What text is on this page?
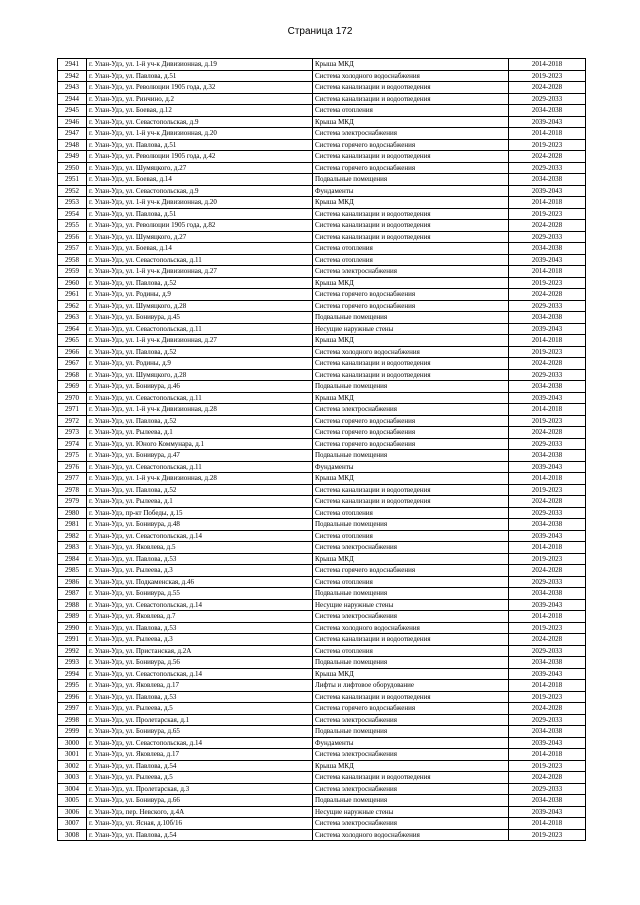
Страница 172
2941	г. Улан-Удэ, ул. 1-й уч-к Дивизионная, д.19	Крыша МКД	2014-2018
2942	г. Улан-Удэ, ул. Павлова, д.51	Система холодного водоснабжения	2019-2023
2943	г. Улан-Удэ, ул. Революции 1905 года, д.32	Система канализации и водоотведения	2024-2028
2944	г. Улан-Удэ, ул. Ринчино, д.2	Система канализации и водоотведения	2029-2033
2945	г. Улан-Удэ, ул. Боевая, д.12	Система отопления	2034-2038
2946	г. Улан-Удэ, ул. Севастопольская, д.9	Крыша МКД	2039-2043
2947	г. Улан-Удэ, ул. 1-й уч-к Дивизионная, д.20	Система электроснабжения	2014-2018
2948	г. Улан-Удэ, ул. Павлова, д.51	Система горячего водоснабжения	2019-2023
2949	г. Улан-Удэ, ул. Революции 1905 года, д.42	Система канализации и водоотведения	2024-2028
2950	г. Улан-Удэ, ул. Шумяцкого, д.27	Система горячего водоснабжения	2029-2033
2951	г. Улан-Удэ, ул. Боевая, д.14	Подвальные помещения	2034-2038
2952	г. Улан-Удэ, ул. Севастопольская, д.9	Фундаменты	2039-2043
2953	г. Улан-Удэ, ул. 1-й уч-к Дивизионная, д.20	Крыша МКД	2014-2018
2954	г. Улан-Удэ, ул. Павлова, д.51	Система канализации и водоотведения	2019-2023
2955	г. Улан-Удэ, ул. Революции 1905 года, д.82	Система канализации и водоотведения	2024-2028
2956	г. Улан-Удэ, ул. Шумяцкого, д.27	Система канализации и водоотведения	2029-2033
2957	г. Улан-Удэ, ул. Боевая, д.14	Система отопления	2034-2038
2958	г. Улан-Удэ, ул. Севастопольская, д.11	Система отопления	2039-2043
2959	г. Улан-Удэ, ул. 1-й уч-к Дивизионная, д.27	Система электроснабжения	2014-2018
2960	г. Улан-Удэ, ул. Павлова, д.52	Крыша МКД	2019-2023
2961	г. Улан-Удэ, ул. Родины, д.9	Система горячего водоснабжения	2024-2028
2962	г. Улан-Удэ, ул. Шумяцкого, д.28	Система горячего водоснабжения	2029-2033
2963	г. Улан-Удэ, ул. Бонивура, д.45	Подвальные помещения	2034-2038
2964	г. Улан-Удэ, ул. Севастопольская, д.11	Несущие наружные стены	2039-2043
2965	г. Улан-Удэ, ул. 1-й уч-к Дивизионная, д.27	Крыша МКД	2014-2018
2966	г. Улан-Удэ, ул. Павлова, д.52	Система холодного водоснабжения	2019-2023
2967	г. Улан-Удэ, ул. Родины, д.9	Система канализации и водоотведения	2024-2028
2968	г. Улан-Удэ, ул. Шумяцкого, д.28	Система канализации и водоотведения	2029-2033
2969	г. Улан-Удэ, ул. Бонивура, д.46	Подвальные помещения	2034-2038
2970	г. Улан-Удэ, ул. Севастопольская, д.11	Крыша МКД	2039-2043
2971	г. Улан-Удэ, ул. 1-й уч-к Дивизионная, д.28	Система электроснабжения	2014-2018
2972	г. Улан-Удэ, ул. Павлова, д.52	Система горячего водоснабжения	2019-2023
2973	г. Улан-Удэ, ул. Рылеева, д.1	Система горячего водоснабжения	2024-2028
2974	г. Улан-Удэ, ул. Юного Коммунара, д.1	Система горячего водоснабжения	2029-2033
2975	г. Улан-Удэ, ул. Бонивура, д.47	Подвальные помещения	2034-2038
2976	г. Улан-Удэ, ул. Севастопольская, д.11	Фундаменты	2039-2043
2977	г. Улан-Удэ, ул. 1-й уч-к Дивизионная, д.28	Крыша МКД	2014-2018
2978	г. Улан-Удэ, ул. Павлова, д.52	Система канализации и водоотведения	2019-2023
2979	г. Улан-Удэ, ул. Рылеева, д.1	Система канализации и водоотведения	2024-2028
2980	г. Улан-Удэ, пр-кт Победы, д.15	Система отопления	2029-2033
2981	г. Улан-Удэ, ул. Бонивура, д.48	Подвальные помещения	2034-2038
2982	г. Улан-Удэ, ул. Севастопольская, д.14	Система отопления	2039-2043
2983	г. Улан-Удэ, ул. Яковлева, д.5	Система электроснабжения	2014-2018
2984	г. Улан-Удэ, ул. Павлова, д.53	Крыша МКД	2019-2023
2985	г. Улан-Удэ, ул. Рылеева, д.3	Система горячего водоснабжения	2024-2028
2986	г. Улан-Удэ, ул. Подкаменская, д.46	Система отопления	2029-2033
2987	г. Улан-Удэ, ул. Бонивура, д.55	Подвальные помещения	2034-2038
2988	г. Улан-Удэ, ул. Севастопольская, д.14	Несущие наружные стены	2039-2043
2989	г. Улан-Удэ, ул. Яковлева, д.7	Система электроснабжения	2014-2018
2990	г. Улан-Удэ, ул. Павлова, д.53	Система холодного водоснабжения	2019-2023
2991	г. Улан-Удэ, ул. Рылеева, д.3	Система канализации и водоотведения	2024-2028
2992	г. Улан-Удэ, ул. Пристанская, д.2А	Система отопления	2029-2033
2993	г. Улан-Удэ, ул. Бонивура, д.56	Подвальные помещения	2034-2038
2994	г. Улан-Удэ, ул. Севастопольская, д.14	Крыша МКД	2039-2043
2995	г. Улан-Удэ, ул. Яковлева, д.17	Лифты и лифтовое оборудование	2014-2018
2996	г. Улан-Удэ, ул. Павлова, д.53	Система канализации и водоотведения	2019-2023
2997	г. Улан-Удэ, ул. Рылеева, д.5	Система горячего водоснабжения	2024-2028
2998	г. Улан-Удэ, ул. Пролетарская, д.1	Система электроснабжения	2029-2033
2999	г. Улан-Удэ, ул. Бонивура, д.65	Подвальные помещения	2034-2038
3000	г. Улан-Удэ, ул. Севастопольская, д.14	Фундаменты	2039-2043
3001	г. Улан-Удэ, ул. Яковлева, д.17	Система электроснабжения	2014-2018
3002	г. Улан-Удэ, ул. Павлова, д.54	Крыша МКД	2019-2023
3003	г. Улан-Удэ, ул. Рылеева, д.5	Система канализации и водоотведения	2024-2028
3004	г. Улан-Удэ, ул. Пролетарская, д.3	Система электроснабжения	2029-2033
3005	г. Улан-Удэ, ул. Бонивура, д.66	Подвальные помещения	2034-2038
3006	г. Улан-Удэ, пер. Невского, д.4А	Несущие наружные стены	2039-2043
3007	г. Улан-Удэ, ул. Ясная, д.10б/16	Система электроснабжения	2014-2018
3008	г. Улан-Удэ, ул. Павлова, д.54	Система холодного водоснабжения	2019-2023
